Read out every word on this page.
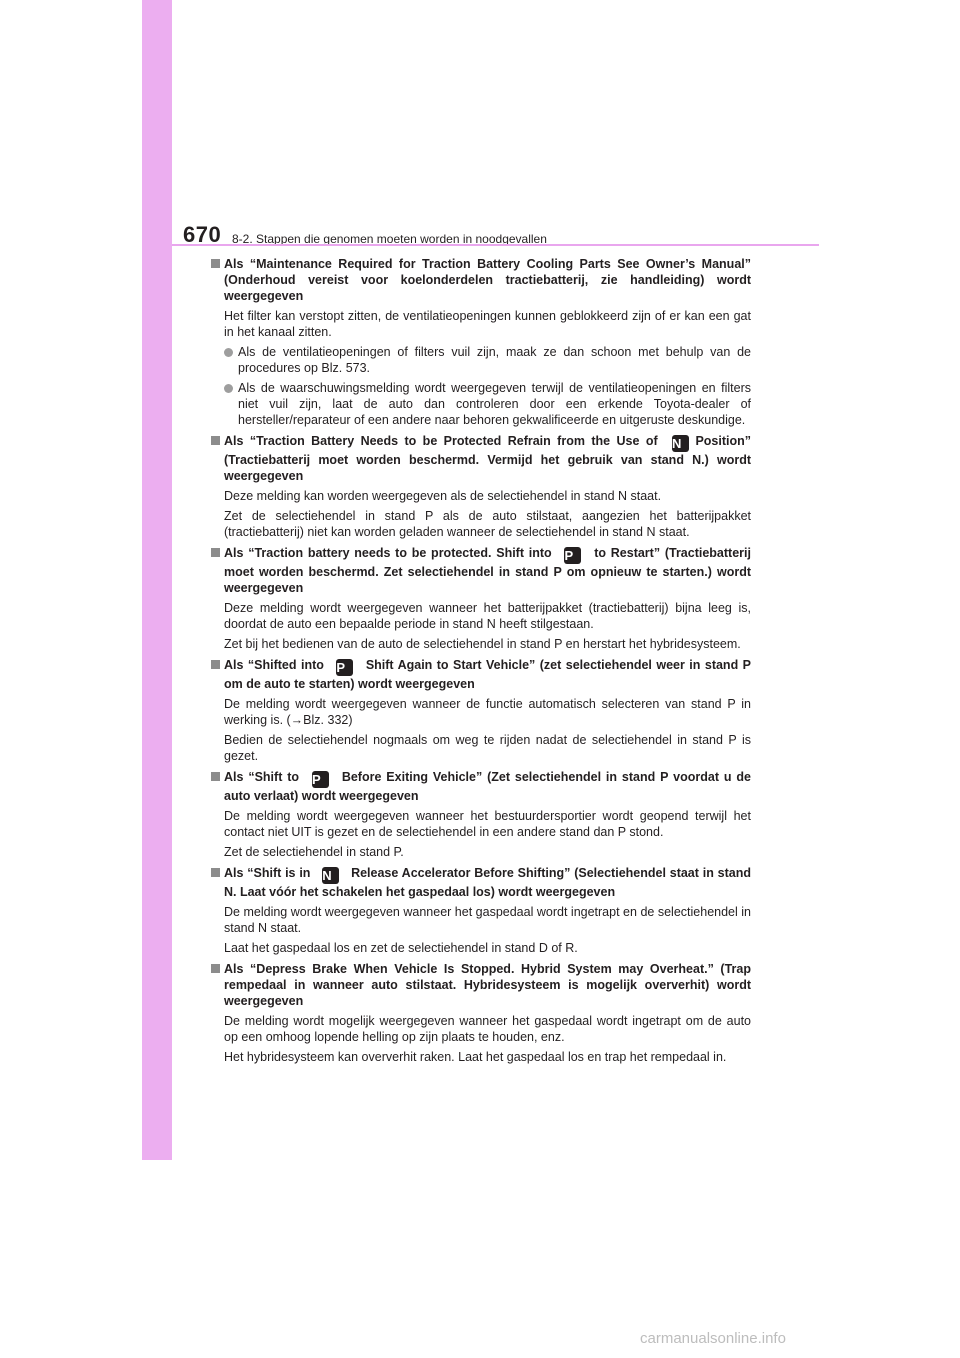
670 8-2. Stappen die genomen moeten worden in noodgevallen
Als “Maintenance Required for Traction Battery Cooling Parts See Owner’s Manual” (Onderhoud vereist voor koelonderdelen tractiebatterij, zie handleiding) wordt weergegeven
Het filter kan verstopt zitten, de ventilatieopeningen kunnen geblokkeerd zijn of er kan een gat in het kanaal zitten.
Als de ventilatieopeningen of filters vuil zijn, maak ze dan schoon met behulp van de procedures op Blz. 573.
Als de waarschuwingsmelding wordt weergegeven terwijl de ventilatieopeningen en filters niet vuil zijn, laat de auto dan controleren door een erkende Toyota-dealer of hersteller/reparateur of een andere naar behoren gekwalificeerde en uitgeruste deskundige.
Als “Traction Battery Needs to be Protected Refrain from the Use of N Position” (Tractiebatterij moet worden beschermd. Vermijd het gebruik van stand N.) wordt weergegeven
Deze melding kan worden weergegeven als de selectiehendel in stand N staat.
Zet de selectiehendel in stand P als de auto stilstaat, aangezien het batterijpakket (tractiebatterij) niet kan worden geladen wanneer de selectiehendel in stand N staat.
Als “Traction battery needs to be protected. Shift into P to Restart” (Tractiebatterij moet worden beschermd. Zet selectiehendel in stand P om opnieuw te starten.) wordt weergegeven
Deze melding wordt weergegeven wanneer het batterijpakket (tractiebatterij) bijna leeg is, doordat de auto een bepaalde periode in stand N heeft stilgestaan.
Zet bij het bedienen van de auto de selectiehendel in stand P en herstart het hybridesysteem.
Als “Shifted into P Shift Again to Start Vehicle” (zet selectiehendel weer in stand P om de auto te starten) wordt weergegeven
De melding wordt weergegeven wanneer de functie automatisch selecteren van stand P in werking is. (→Blz. 332)
Bedien de selectiehendel nogmaals om weg te rijden nadat de selectiehendel in stand P is gezet.
Als “Shift to P Before Exiting Vehicle” (Zet selectiehendel in stand P voordat u de auto verlaat) wordt weergegeven
De melding wordt weergegeven wanneer het bestuurdersportier wordt geopend terwijl het contact niet UIT is gezet en de selectiehendel in een andere stand dan P stond.
Zet de selectiehendel in stand P.
Als “Shift is in N Release Accelerator Before Shifting” (Selectiehendel staat in stand N. Laat vóór het schakelen het gaspedaal los) wordt weergegeven
De melding wordt weergegeven wanneer het gaspedaal wordt ingetrapt en de selectiehendel in stand N staat.
Laat het gaspedaal los en zet de selectiehendel in stand D of R.
Als “Depress Brake When Vehicle Is Stopped. Hybrid System may Overheat.” (Trap rempedaal in wanneer auto stilstaat. Hybridesysteem is mogelijk oververhit) wordt weergegeven
De melding wordt mogelijk weergegeven wanneer het gaspedaal wordt ingetrapt om de auto op een omhoog lopende helling op zijn plaats te houden, enz.
Het hybridesysteem kan oververhit raken. Laat het gaspedaal los en trap het rempedaal in.
carmanualsonline.info
